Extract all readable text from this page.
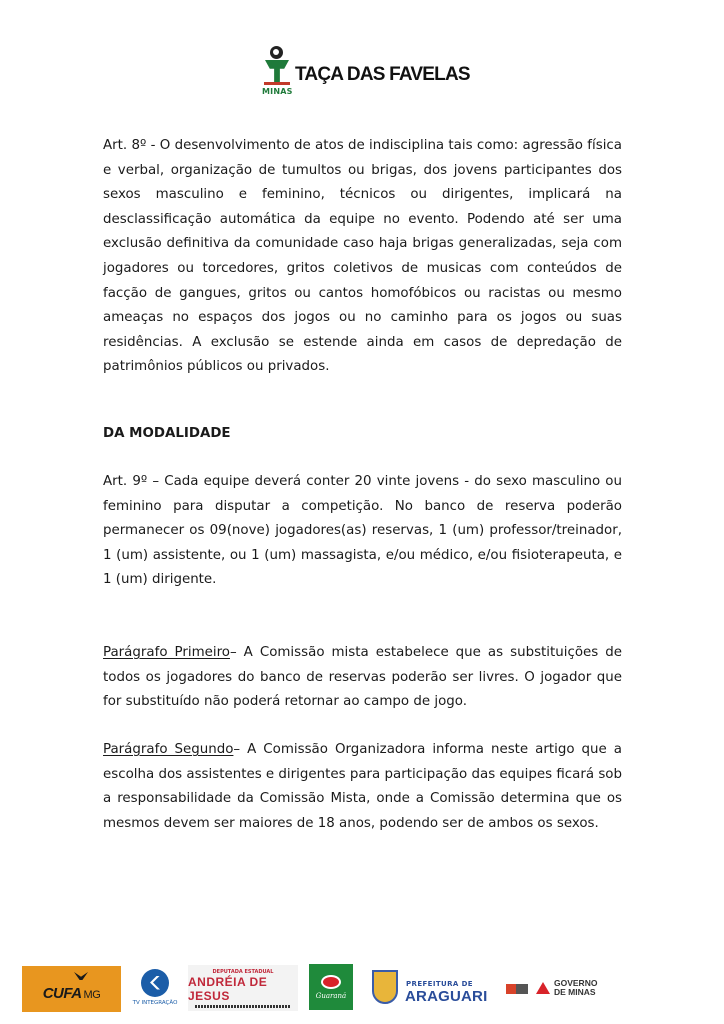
MINAS
TAÇA DAS FAVELAS

Art. 8º - O desenvolvimento de atos de indisciplina tais como: agressão física e verbal, organização de tumultos ou brigas, dos jovens participantes dos sexos masculino e feminino, técnicos ou dirigentes, implicará na desclassificação automática da equipe no evento. Podendo até ser uma exclusão definitiva da comunidade caso haja brigas generalizadas, seja com jogadores ou torcedores, gritos coletivos de musicas com conteúdos de facção de gangues, gritos ou cantos homofóbicos ou racistas ou mesmo ameaças no espaços dos jogos ou no caminho para os jogos ou suas residências. A exclusão se estende ainda em casos de depredação de patrimônios públicos ou privados.

DA MODALIDADE

Art. 9º – Cada equipe deverá conter 20 vinte jovens - do sexo masculino ou feminino para disputar a competição. No banco de reserva poderão permanecer os 09(nove) jogadores(as) reservas, 1 (um) professor/treinador, 1 (um) assistente, ou 1 (um) massagista, e/ou médico, e/ou fisioterapeuta, e 1 (um) dirigente.

Parágrafo Primeiro– A Comissão mista estabelece que as substituições de todos os jogadores do banco de reservas poderão ser livres. O jogador que for substituído não poderá retornar ao campo de jogo.

Parágrafo Segundo– A Comissão Organizadora informa neste artigo que a escolha dos assistentes e dirigentes para participação das equipes ficará sob a responsabilidade da Comissão Mista, onde a Comissão determina que os mesmos devem ser maiores de 18 anos, podendo ser de ambos os sexos.

CUFA MG
TV INTEGRAÇÃO
DEPUTADA ESTADUAL
ANDRÉIA DE JESUS	Guaraná
PREFEITURA DE
ARAGUARI
GOVERNO
DE MINAS
